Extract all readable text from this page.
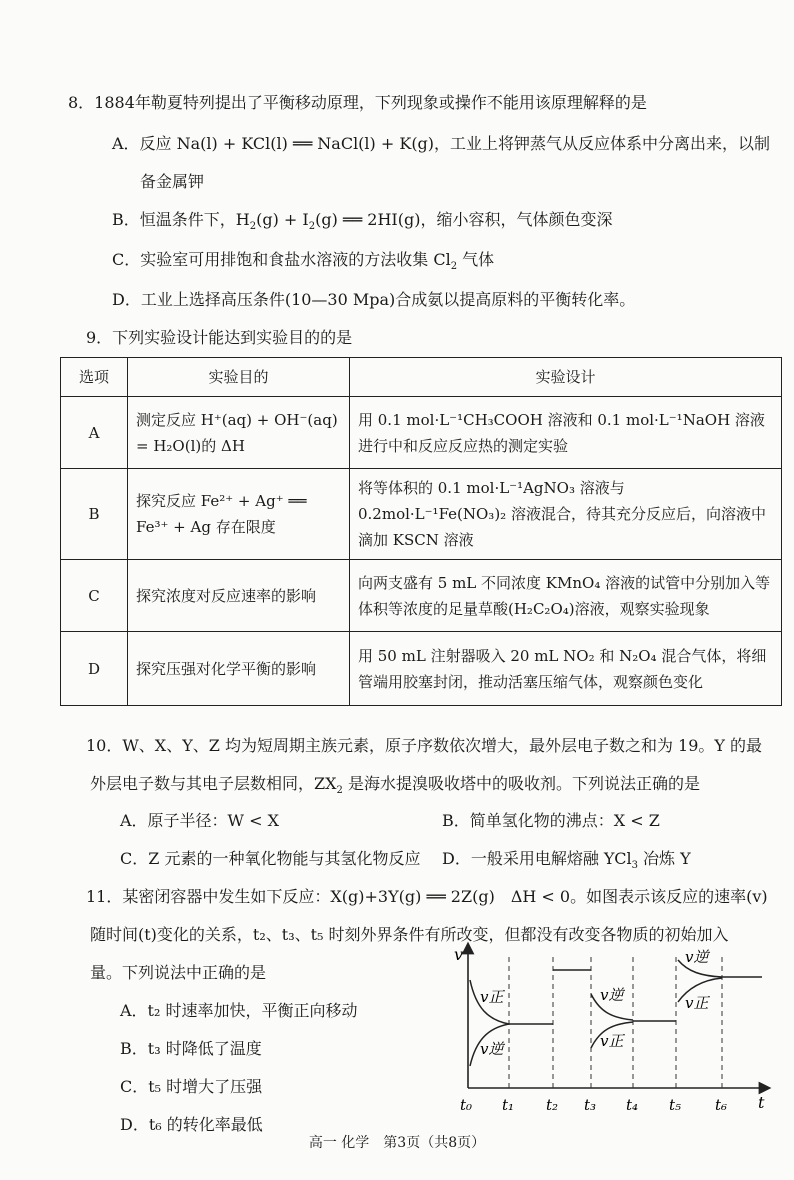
8．1884年勒夏特列提出了平衡移动原理，下列现象或操作不能用该原理解释的是
A．反应 Na(l) + KCl(l) ══ NaCl(l) + K(g)，工业上将钾蒸气从反应体系中分离出来，以制
备金属钾
B．恒温条件下，$H_2(g) + I_2(g)$ ══ 2HI(g)，缩小容积，气体颜色变深
C．实验室可用排饱和食盐水溶液的方法收集 $Cl_2$ 气体
D．工业上选择高压条件(10—30 Mpa)合成氨以提高原料的平衡转化率。
9．下列实验设计能达到实验目的的是
选项	实验目的	实验设计
A	测定反应 H⁺(aq) + OH⁻(aq) = H₂O(l)的 ΔH	用 0.1 mol·L⁻¹CH₃COOH 溶液和 0.1 mol·L⁻¹NaOH 溶液进行中和反应反应热的测定实验
B	探究反应 Fe²⁺ + Ag⁺ ══ Fe³⁺ + Ag 存在限度	将等体积的 0.1 mol·L⁻¹AgNO₃ 溶液与 0.2mol·L⁻¹Fe(NO₃)₂ 溶液混合，待其充分反应后，向溶液中滴加 KSCN 溶液
C	探究浓度对反应速率的影响	向两支盛有 5 mL 不同浓度 KMnO₄ 溶液的试管中分别加入等体积等浓度的足量草酸(H₂C₂O₄)溶液，观察实验现象
D	探究压强对化学平衡的影响	用 50 mL 注射器吸入 20 mL NO₂ 和 N₂O₄ 混合气体，将细管端用胶塞封闭，推动活塞压缩气体，观察颜色变化
10．W、X、Y、Z 均为短周期主族元素，原子序数依次增大，最外层电子数之和为 19。Y 的最
外层电子数与其电子层数相同，$ZX_2$ 是海水提溴吸收塔中的吸收剂。下列说法正确的是
A．原子半径：W < X	B．简单氢化物的沸点：X < Z
C．Z 元素的一种氧化物能与其氢化物反应 D．一般采用电解熔融 YCl$_3$ 冶炼 Y
11．某密闭容器中发生如下反应：X(g)+3Y(g) ══ 2Z(g)　ΔH < 0。如图表示该反应的速率(v)
随时间(t)变化的关系，t₂、t₃、t₅ 时刻外界条件有所改变，但都没有改变各物质的初始加入
量。下列说法中正确的是
A．t₂ 时速率加快，平衡正向移动
B．t₃ 时降低了温度
C．t₅ 时增大了压强
D．t₆ 的转化率最低
v
t
v正
v逆
v逆
v正
v逆
v正
t₀ t₁ t₂ t₃ t₄ t₅ t₆
高一 化学　第3页（共8页）
